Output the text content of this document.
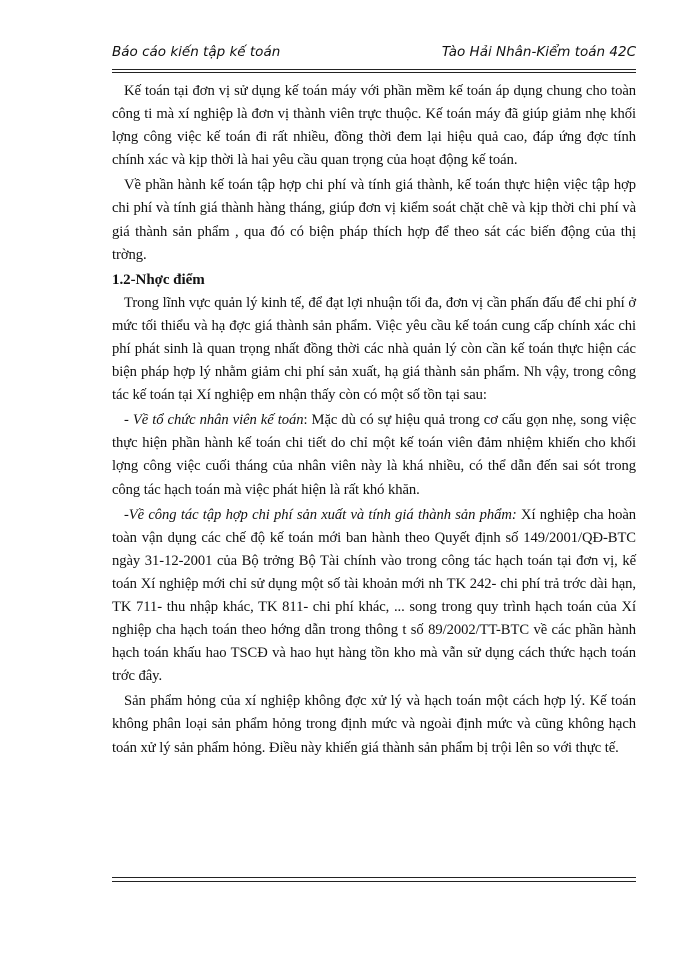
Báo cáo kiến tập kế toán	Tào Hải Nhân-Kiểm toán 42C

Kế toán tại đơn vị sử dụng kế toán máy với phần mềm kế toán áp dụng chung cho toàn công ti mà xí nghiệp là đơn vị thành viên trực thuộc. Kế toán máy đã giúp giảm nhẹ khối lợng công việc kế toán đi rất nhiều, đồng thời đem lại hiệu quả cao, đáp ứng đợc tính chính xác và kịp thời là hai yêu cầu quan trọng của hoạt động kế toán.

Về phần hành kế toán tập hợp chi phí và tính giá thành, kế toán thực hiện việc tập hợp chi phí và tính giá thành hàng tháng, giúp đơn vị kiểm soát chặt chẽ và kịp thời chi phí và giá thành sản phẩm , qua đó có biện pháp thích hợp để theo sát các biến động của thị trờng.

1.2-Nhợc điểm

Trong lĩnh vực quản lý kinh tế, để đạt lợi nhuận tối đa, đơn vị cần phấn đấu để chi phí ở mức tối thiểu và hạ đợc giá thành sản phẩm. Việc yêu cầu kế toán cung cấp chính xác chi phí phát sinh là quan trọng nhất đồng thời các nhà quản lý còn cần kế toán thực hiện các biện pháp hợp lý nhằm giảm chi phí sản xuất, hạ giá thành sản phẩm. Nh vậy, trong công tác kế toán tại Xí nghiệp em nhận thấy còn có một số tồn tại sau:

- Về tổ chức nhân viên kế toán: Mặc dù có sự hiệu quả trong cơ cấu gọn nhẹ, song việc thực hiện phần hành kế toán chi tiết do chỉ một kế toán viên đảm nhiệm khiến cho khối lợng công việc cuối tháng của nhân viên này là khá nhiều, có thể dẫn đến sai sót trong công tác hạch toán mà việc phát hiện là rất khó khăn.

-Về công tác tập hợp chi phí sản xuất và tính giá thành sản phẩm: Xí nghiệp cha hoàn toàn vận dụng các chế độ kế toán mới ban hành theo Quyết định số 149/2001/QĐ-BTC ngày 31-12-2001 của Bộ trởng Bộ Tài chính vào trong công tác hạch toán tại đơn vị, kế toán Xí nghiệp mới chỉ sử dụng một số tài khoản mới nh TK 242- chi phí trả trớc dài hạn, TK 711- thu nhập khác, TK 811- chi phí khác, ... song trong quy trình hạch toán của Xí nghiệp cha hạch toán theo hớng dẫn trong thông t số 89/2002/TT-BTC về các phần hành hạch toán khấu hao TSCĐ và hao hụt hàng tồn kho mà vẫn sử dụng cách thức hạch toán trớc đây.

Sản phẩm hỏng của xí nghiệp không đợc xử lý và hạch toán một cách hợp lý. Kế toán không phân loại sản phẩm hỏng trong định mức và ngoài định mức và cũng không hạch toán xử lý sản phẩm hỏng. Điều này khiến giá thành sản phẩm bị trội lên so với thực tế.
